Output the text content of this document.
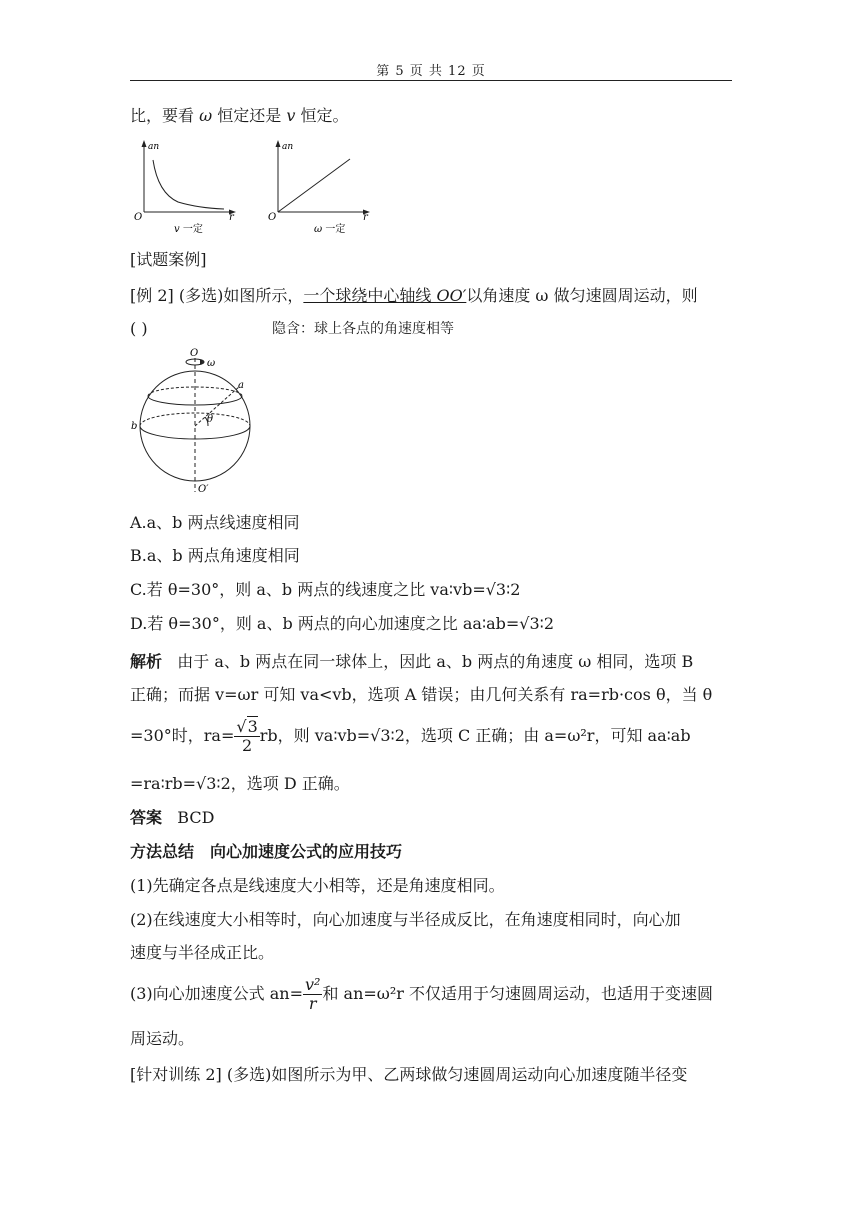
第 5 页 共 12 页
比，要看 ω 恒定还是 v 恒定。
an
O	r
v 一定
an
O	r
ω 一定
[试题案例]
[例 2] (多选)如图所示，一个球绕中心轴线 OO′以角速度 ω 做匀速圆周运动，则
( )	隐含：球上各点的角速度相等
O
ω
a
b
θ
O′
A.a、b 两点线速度相同
B.a、b 两点角速度相同
C.若 θ=30°，则 a、b 两点的线速度之比 va∶vb=√3∶2
D.若 θ=30°，则 a、b 两点的向心加速度之比 aa∶ab=√3∶2
解析 由于 a、b 两点在同一球体上，因此 a、b 两点的角速度 ω 相同，选项 B
正确；而据 v=ωr 可知 va<vb，选项 A 错误；由几何关系有 ra=rb·cos θ，当 θ
=30°时，$ra= \frac{√3}{2}$ rb，则 va∶vb=√3∶2，选项 C 正确；由 a=ω²r，可知 aa∶ab
=ra∶rb=√3∶2，选项 D 正确。
答案 BCD
方法总结　向心加速度公式的应用技巧
(1)先确定各点是线速度大小相等，还是角速度相同。
(2)在线速度大小相等时，向心加速度与半径成反比，在角速度相同时，向心加
速度与半径成正比。
(3)向心加速度公式 $an= \frac{\text{v²}}{r}$ 和 an=ω²r 不仅适用于匀速圆周运动，也适用于变速圆
周运动。
[针对训练 2] (多选)如图所示为甲、乙两球做匀速圆周运动向心加速度随半径变
